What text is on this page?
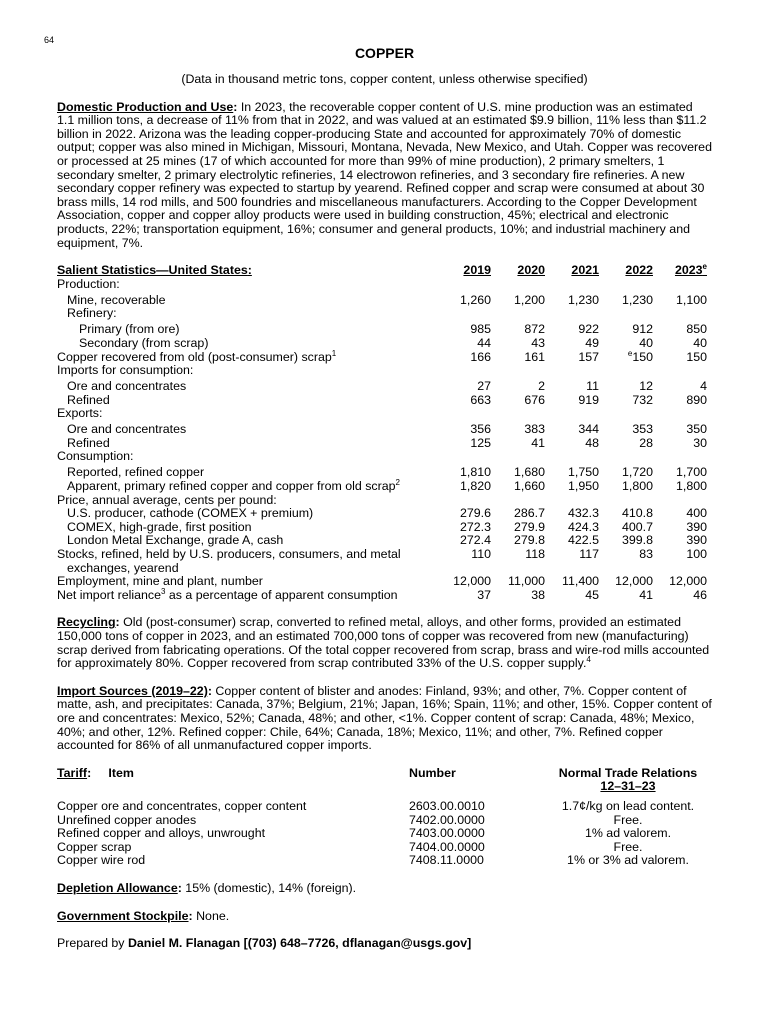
64
COPPER
(Data in thousand metric tons, copper content, unless otherwise specified)
Domestic Production and Use: In 2023, the recoverable copper content of U.S. mine production was an estimated 1.1 million tons, a decrease of 11% from that in 2022, and was valued at an estimated $9.9 billion, 11% less than $11.2 billion in 2022. Arizona was the leading copper-producing State and accounted for approximately 70% of domestic output; copper was also mined in Michigan, Missouri, Montana, Nevada, New Mexico, and Utah. Copper was recovered or processed at 25 mines (17 of which accounted for more than 99% of mine production), 2 primary smelters, 1 secondary smelter, 2 primary electrolytic refineries, 14 electrowon refineries, and 3 secondary fire refineries. A new secondary copper refinery was expected to startup by yearend. Refined copper and scrap were consumed at about 30 brass mills, 14 rod mills, and 500 foundries and miscellaneous manufacturers. According to the Copper Development Association, copper and copper alloy products were used in building construction, 45%; electrical and electronic products, 22%; transportation equipment, 16%; consumer and general products, 10%; and industrial machinery and equipment, 7%.
Salient Statistics—United States:	2019	2020	2021	2022	2023e
Production:					
Mine, recoverable	1,260	1,200	1,230	1,230	1,100
Refinery:					
Primary (from ore)	985	872	922	912	850
Secondary (from scrap)	44	43	49	40	40
Copper recovered from old (post-consumer) scrap$^1$	166	161	157	$^e$150	150
Imports for consumption:					
Ore and concentrates	27	2	11	12	4
Refined	663	676	919	732	890
Exports:					
Ore and concentrates	356	383	344	353	350
Refined	125	41	48	28	30
Consumption:					
Reported, refined copper	1,810	1,680	1,750	1,720	1,700
Apparent, primary refined copper and copper from old scrap$^2$	1,820	1,660	1,950	1,800	1,800
Price, annual average, cents per pound:					
U.S. producer, cathode (COMEX + premium)	279.6	286.7	432.3	410.8	400
COMEX, high-grade, first position	272.3	279.9	424.3	400.7	390
London Metal Exchange, grade A, cash	272.4	279.8	422.5	399.8	390
Stocks, refined, held by U.S. producers, consumers, and metal	110	118	117	83	100
exchanges, yearend					
Employment, mine and plant, number	12,000	11,000	11,400	12,000	12,000
Net import reliance$^3$ as a percentage of apparent consumption	37	38	45	41	46
Recycling: Old (post-consumer) scrap, converted to refined metal, alloys, and other forms, provided an estimated 150,000 tons of copper in 2023, and an estimated 700,000 tons of copper was recovered from new (manufacturing) scrap derived from fabricating operations. Of the total copper recovered from scrap, brass and wire-rod mills accounted for approximately 80%. Copper recovered from scrap contributed 33% of the U.S. copper supply.$^4$
Import Sources (2019–22): Copper content of blister and anodes: Finland, 93%; and other, 7%. Copper content of matte, ash, and precipitates: Canada, 37%; Belgium, 21%; Japan, 16%; Spain, 11%; and other, 15%. Copper content of ore and concentrates: Mexico, 52%; Canada, 48%; and other, <1%. Copper content of scrap: Canada, 48%; Mexico, 40%; and other, 12%. Refined copper: Chile, 64%; Canada, 18%; Mexico, 11%; and other, 7%. Refined copper accounted for 86% of all unmanufactured copper imports.
Tariff:     Item	Number	Normal Trade Relations
12–31–23

Copper ore and concentrates, copper content	2603.00.0010	1.7¢/kg on lead content.
Unrefined copper anodes	7402.00.0000	Free.
Refined copper and alloys, unwrought	7403.00.0000	1% ad valorem.
Copper scrap	7404.00.0000	Free.
Copper wire rod	7408.11.0000	1% or 3% ad valorem.
Depletion Allowance: 15% (domestic), 14% (foreign).
Government Stockpile: None.
Prepared by Daniel M. Flanagan [(703) 648–7726, dflanagan@usgs.gov]
